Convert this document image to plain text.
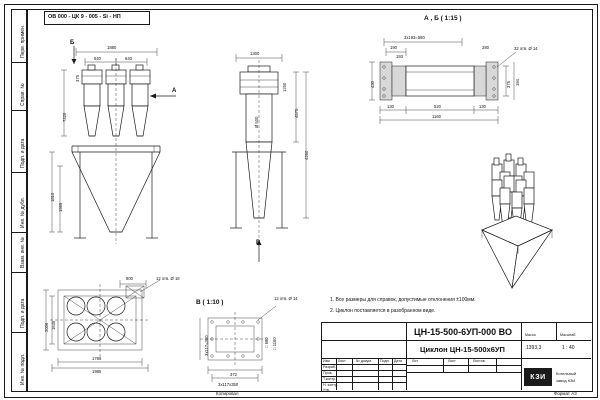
Перв. примен.
Справ. №
Подп. и дата
Инв. № дубл.
Взам. инв. №
Подп. и дата
Инв. № подл.
ОВ 000 - ЦК 9 - 005 - Si - НП
1880
640	640
375
7220
1810
1565
Б
A
1300
4575
4260
Ø 500
1250
В
А , Б ( 1:15 )
3x193=580
190
193
280	32 отв. Ø 14
430
130	520	130
1160
375 194
1. Все размеры для справок, допустимые отклонения ±100мм.
2. Циклон поставляется в разобранном виде.
800	12 отв. Ø 18
2006 1635
1786
1985
В ( 1:10 )
12 отв. Ø 14
3x117=350	□ 680 □ 1160
372
3x117x350
ЦН-15-500-6УП-000 ВО
Циклон ЦН-15-500х6УП
Изм Лист	№ докум. Подп. Дата
Разраб.
Пров.
Т.контр.
Н. контр.
Утв.
Лит.	Лист	Листов
Масса	Масштаб
1393,3	1 : 40
КЗИ	Котельный
завод КЗИ
Копировал	Формат A3
